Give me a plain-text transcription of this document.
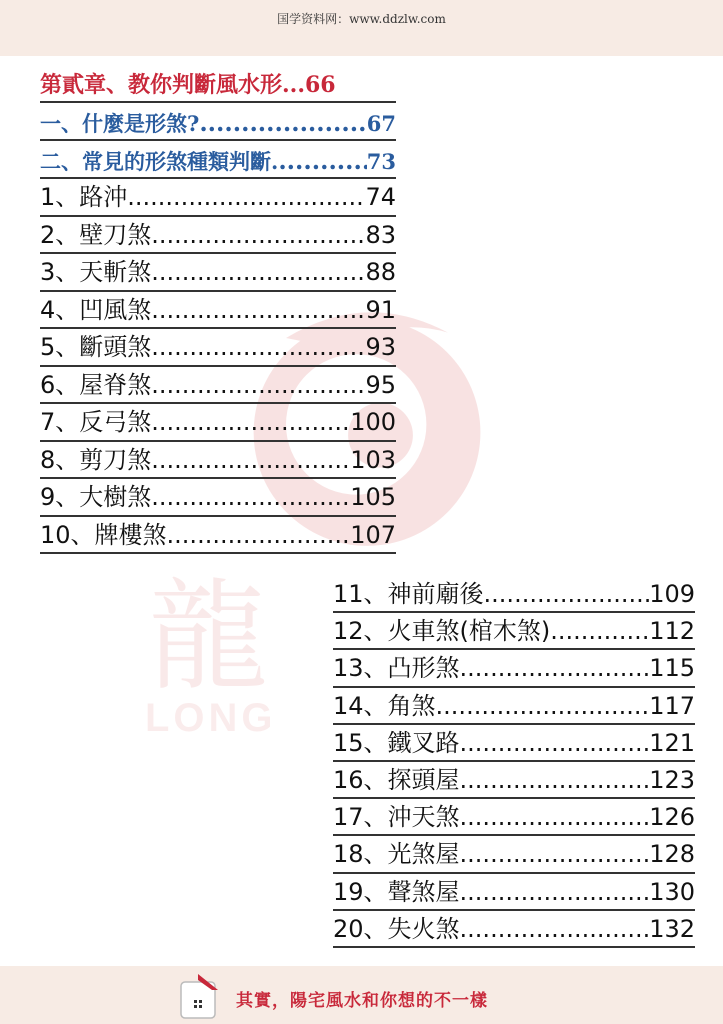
国学资料网：www.ddzlw.com
龍
LONG
第貳章、教你判斷風水形 ... 66
一、什麼是形煞? .....	67
二、常見的形煞種類判斷. .....	73
1、路沖 .....	74
2、壁刀煞 .....	83
3、天斬煞 .....	88
4、凹風煞 .....	91
5、斷頭煞 .....	93
6、屋脊煞 .....	95
7、反弓煞 .....	100
8、剪刀煞 .....	103
9、大樹煞 .....	105
10、牌樓煞 .....	107
11、神前廟後 .....	109
12、火車煞(棺木煞) .....	112
13、凸形煞 .....	115
14、角煞 .....	117
15、鐵叉路 .....	121
16、探頭屋 .....	123
17、沖天煞 .....	126
18、光煞屋 .....	128
19、聲煞屋 .....	130
20、失火煞 .....	132
其實，陽宅風水和你想的不一樣
